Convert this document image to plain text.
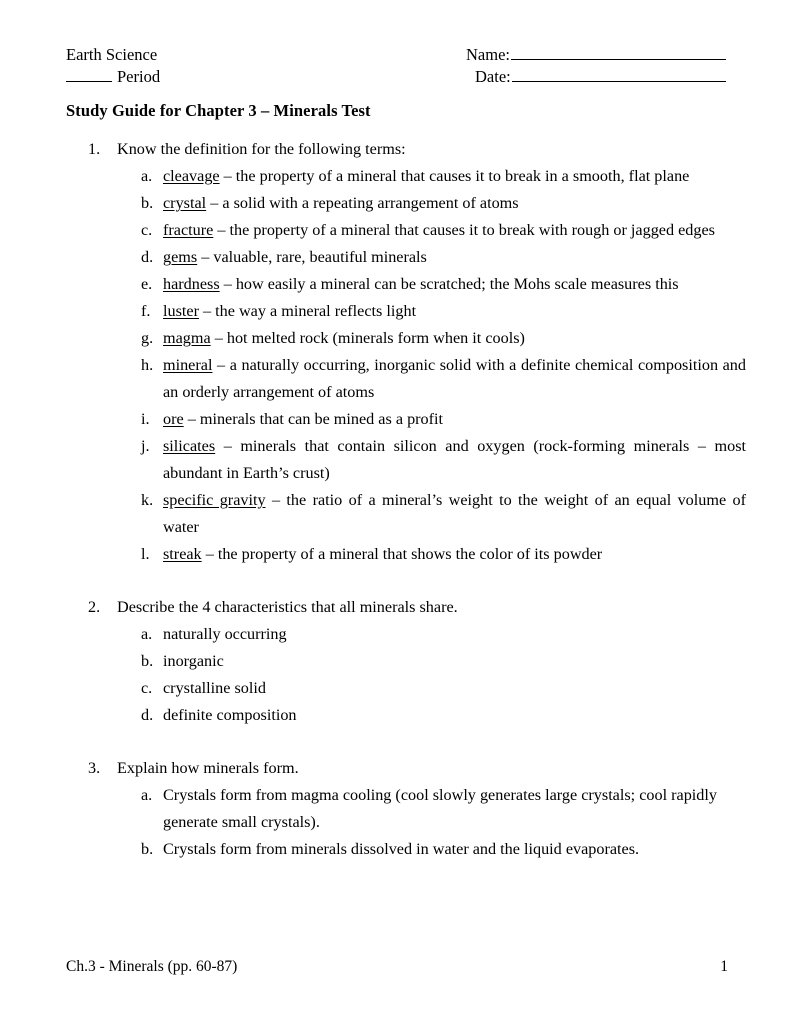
Earth Science	Name:
Period	Date:
Study Guide for Chapter 3 – Minerals Test
1.	Know the definition for the following terms:
a. cleavage – the property of a mineral that causes it to break in a smooth, flat plane
b. crystal – a solid with a repeating arrangement of atoms
c. fracture – the property of a mineral that causes it to break with rough or jagged edges
d. gems – valuable, rare, beautiful minerals
e. hardness – how easily a mineral can be scratched; the Mohs scale measures this
f. luster – the way a mineral reflects light
g. magma – hot melted rock (minerals form when it cools)
h. mineral – a naturally occurring, inorganic solid with a definite chemical composition and an orderly arrangement of atoms
i. ore – minerals that can be mined as a profit
j. silicates – minerals that contain silicon and oxygen (rock-forming minerals – most abundant in Earth’s crust)
k. specific gravity – the ratio of a mineral’s weight to the weight of an equal volume of water
l. streak – the property of a mineral that shows the color of its powder
2.	Describe the 4 characteristics that all minerals share.
a. naturally occurring
b. inorganic
c. crystalline solid
d. definite composition
3.	Explain how minerals form.
a. Crystals form from magma cooling (cool slowly generates large crystals; cool rapidly generate small crystals).
b. Crystals form from minerals dissolved in water and the liquid evaporates.
Ch.3 - Minerals (pp. 60-87)	1
